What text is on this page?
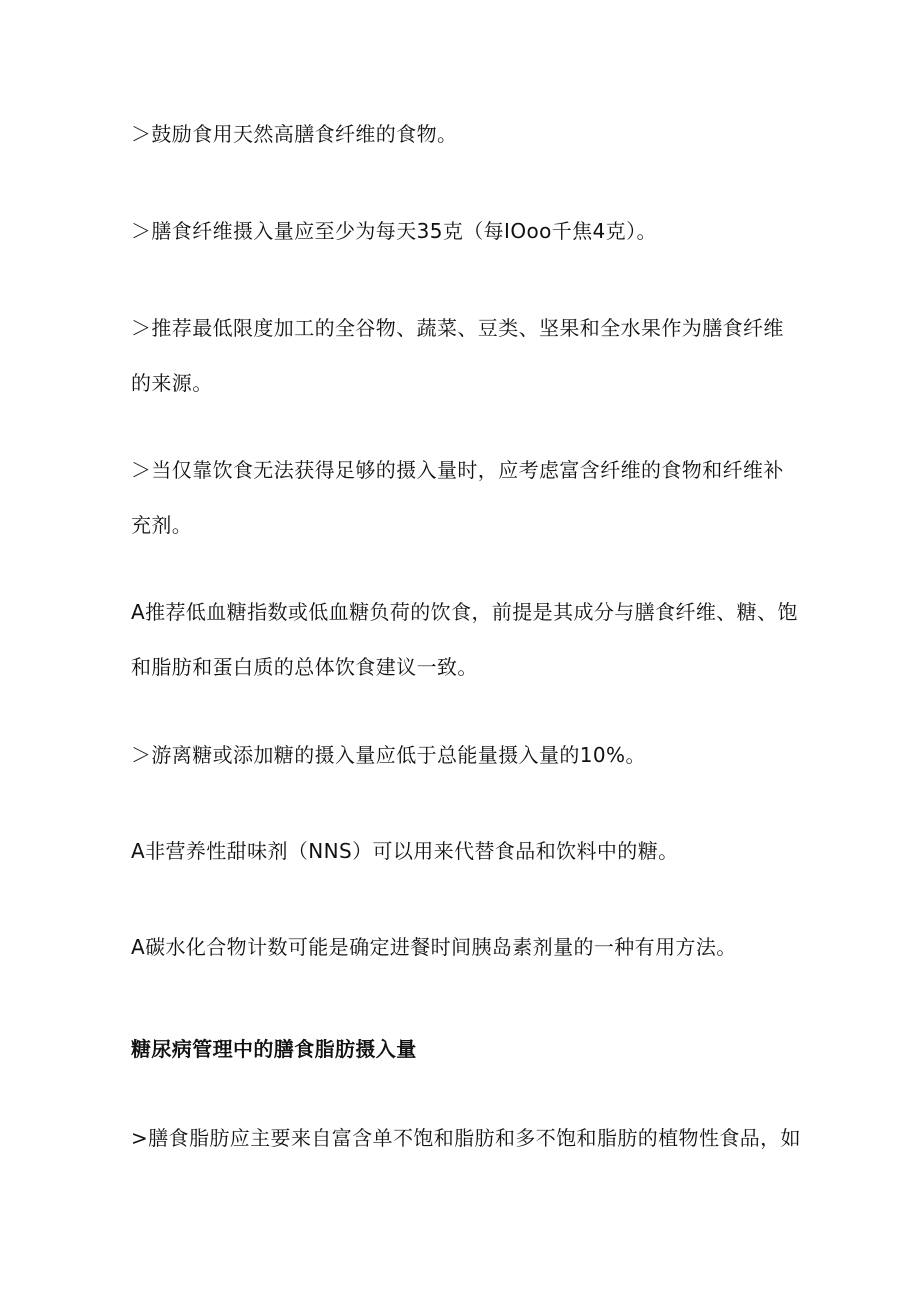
＞鼓励食用天然高膳食纤维的食物。

＞膳食纤维摄入量应至少为每天35克（每IOoo千焦4克）。

＞推荐最低限度加工的全谷物、蔬菜、豆类、坚果和全水果作为膳食纤维
的来源。

＞当仅靠饮食无法获得足够的摄入量时，应考虑富含纤维的食物和纤维补
充剂。

A推荐低血糖指数或低血糖负荷的饮食，前提是其成分与膳食纤维、糖、饱
和脂肪和蛋白质的总体饮食建议一致。

＞游离糖或添加糖的摄入量应低于总能量摄入量的10%。

A非营养性甜味剂（NNS）可以用来代替食品和饮料中的糖。

A碳水化合物计数可能是确定进餐时间胰岛素剂量的一种有用方法。

糖尿病管理中的膳食脂肪摄入量

>膳食脂肪应主要来自富含单不饱和脂肪和多不饱和脂肪的植物性食品，如
